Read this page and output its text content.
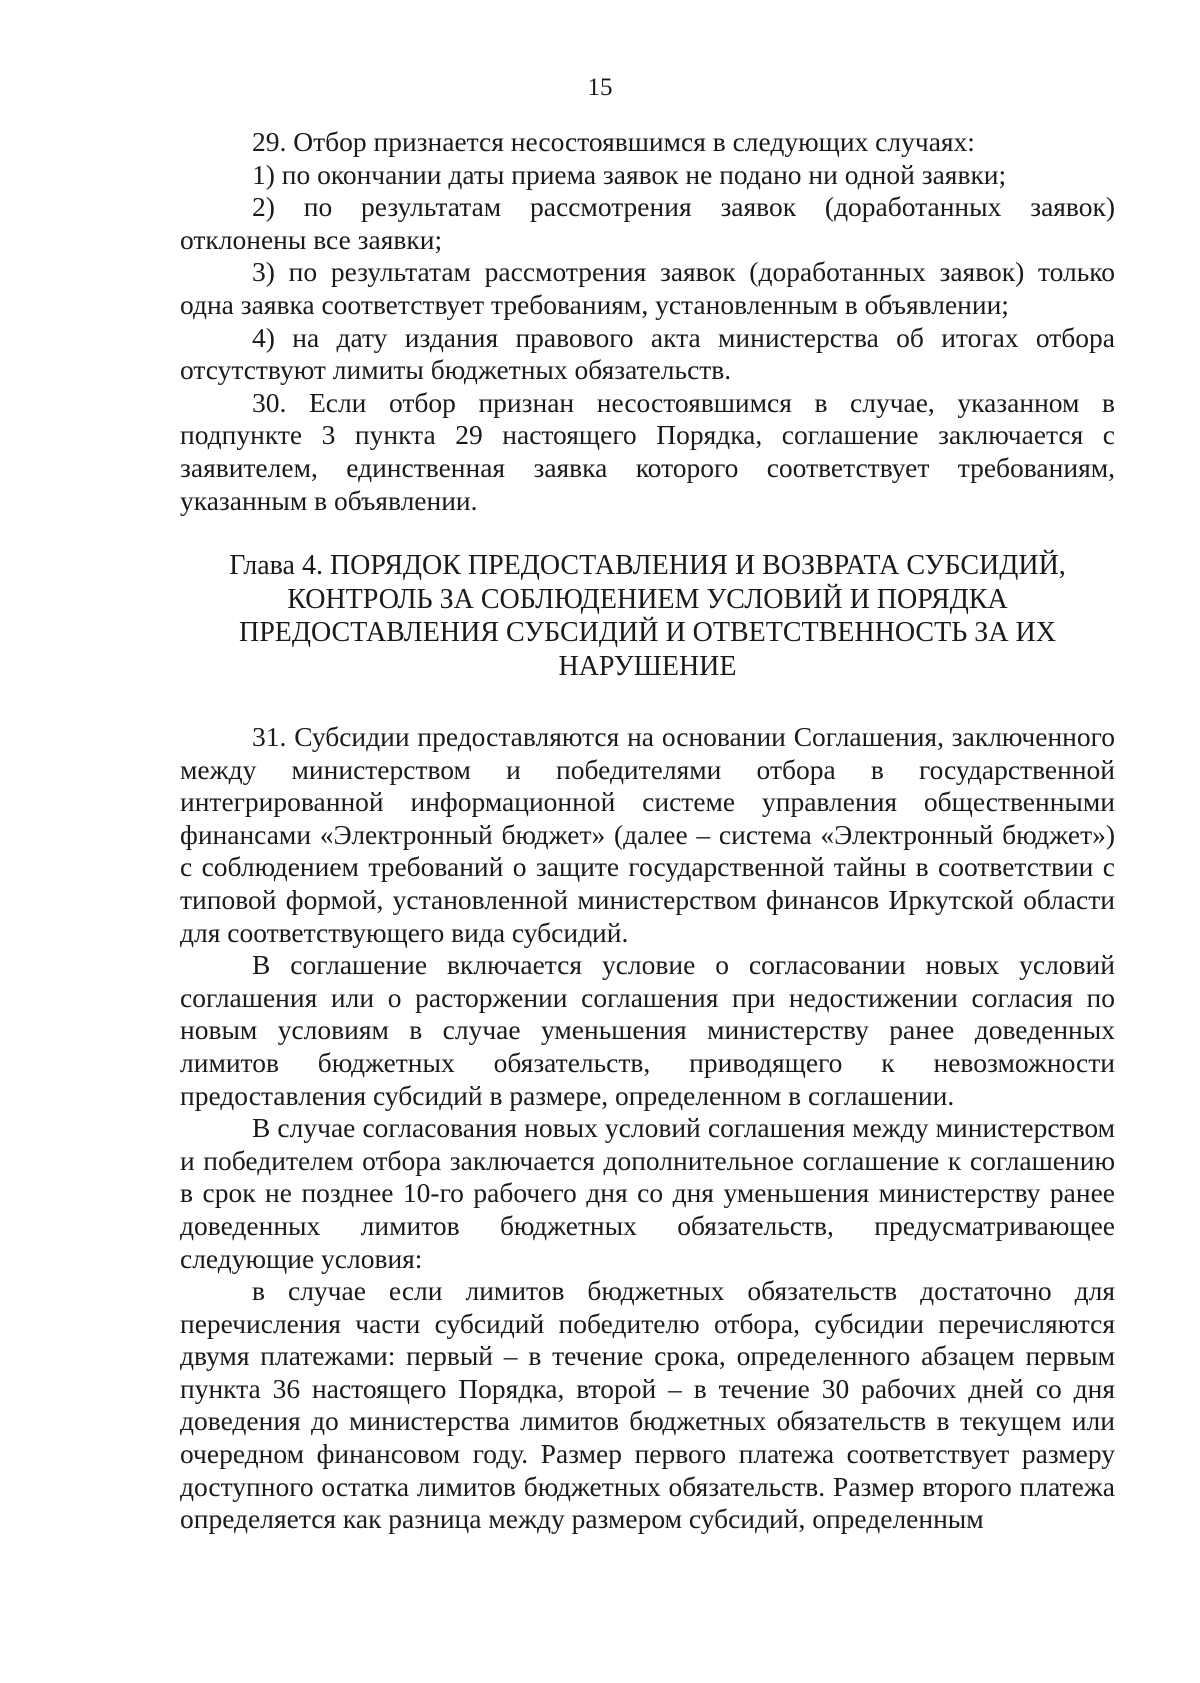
15

29. Отбор признается несостоявшимся в следующих случаях:

1) по окончании даты приема заявок не подано ни одной заявки;

2) по результатам рассмотрения заявок (доработанных заявок) отклонены все заявки;

3) по результатам рассмотрения заявок (доработанных заявок) только одна заявка соответствует требованиям, установленным в объявлении;

4) на дату издания правового акта министерства об итогах отбора отсутствуют лимиты бюджетных обязательств.

30. Если отбор признан несостоявшимся в случае, указанном в подпункте 3 пункта 29 настоящего Порядка, соглашение заключается с заявителем, единственная заявка которого соответствует требованиям, указанным в объявлении.

Глава 4. ПОРЯДОК ПРЕДОСТАВЛЕНИЯ И ВОЗВРАТА СУБСИДИЙ, КОНТРОЛЬ ЗА СОБЛЮДЕНИЕМ УСЛОВИЙ И ПОРЯДКА ПРЕДОСТАВЛЕНИЯ СУБСИДИЙ И ОТВЕТСТВЕННОСТЬ ЗА ИХ НАРУШЕНИЕ

31. Субсидии предоставляются на основании Соглашения, заключенного между министерством и победителями отбора в государственной интегрированной информационной системе управления общественными финансами «Электронный бюджет» (далее – система «Электронный бюджет») с соблюдением требований о защите государственной тайны в соответствии с типовой формой, установленной министерством финансов Иркутской области для соответствующего вида субсидий.

В соглашение включается условие о согласовании новых условий соглашения или о расторжении соглашения при недостижении согласия по новым условиям в случае уменьшения министерству ранее доведенных лимитов бюджетных обязательств, приводящего к невозможности предоставления субсидий в размере, определенном в соглашении.

В случае согласования новых условий соглашения между министерством и победителем отбора заключается дополнительное соглашение к соглашению в срок не позднее 10-го рабочего дня со дня уменьшения министерству ранее доведенных лимитов бюджетных обязательств, предусматривающее следующие условия:

в случае если лимитов бюджетных обязательств достаточно для перечисления части субсидий победителю отбора, субсидии перечисляются двумя платежами: первый – в течение срока, определенного абзацем первым пункта 36 настоящего Порядка, второй – в течение 30 рабочих дней со дня доведения до министерства лимитов бюджетных обязательств в текущем или очередном финансовом году. Размер первого платежа соответствует размеру доступного остатка лимитов бюджетных обязательств. Размер второго платежа определяется как разница между размером субсидий, определенным
